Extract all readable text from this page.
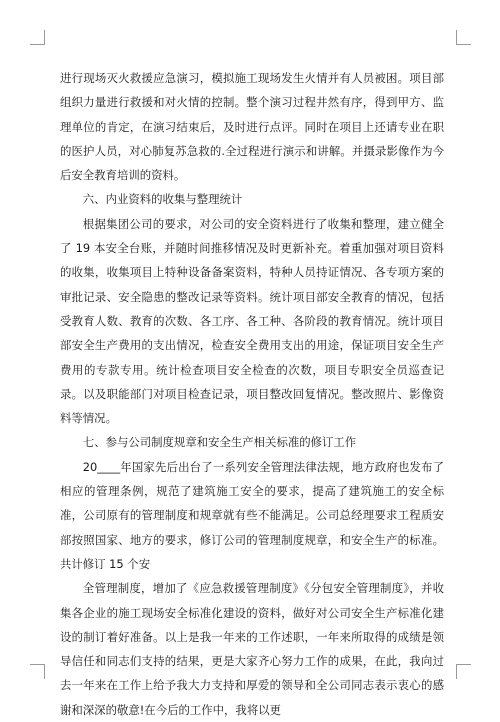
进行现场灭火救援应急演习，模拟施工现场发生火情并有人员被困。项目部组织力量进行救援和对火情的控制。整个演习过程井然有序，得到甲方、监理单位的肯定，在演习结束后，及时进行点评。同时在项目上还请专业在职的医护人员，对心肺复苏急救的.全过程进行演示和讲解。并摄录影像作为今后安全教育培训的资料。

六、内业资料的收集与整理统计

根据集团公司的要求，对公司的安全资料进行了收集和整理，建立健全了 19 本安全台账，并随时间推移情况及时更新补充。着重加强对项目资料的收集，收集项目上特种设备备案资料，特种人员持证情况、各专项方案的审批记录、安全隐患的整改记录等资料。统计项目部安全教育的情况，包括受教育人数、教育的次数、各工序、各工种、各阶段的教育情况。统计项目部安全生产费用的支出情况，检查安全费用支出的用途，保证项目安全生产费用的专款专用。统计检查项目安全检查的次数，项目专职安全员巡查记录。以及职能部门对项目检查记录，项目整改回复情况。整改照片、影像资料等情况。

七、参与公司制度规章和安全生产相关标准的修订工作

20____年国家先后出台了一系列安全管理法律法规，地方政府也发布了相应的管理条例，规范了建筑施工安全的要求，提高了建筑施工的安全标准，公司原有的管理制度和规章就有些不能满足。公司总经理要求工程质安部按照国家、地方的要求，修订公司的管理制度规章，和安全生产的标准。共计修订 15 个安

全管理制度，增加了《应急救援管理制度》《分包安全管理制度》，并收集各企业的施工现场安全标准化建设的资料，做好对公司安全生产标准化建设的制订着好准备。以上是我一年来的工作述职，一年来所取得的成绩是领导信任和同志们支持的结果，更是大家齐心努力工作的成果，在此，我向过去一年来在工作上给予我大力支持和厚爱的领导和全公司同志表示衷心的感谢和深深的敬意!在今后的工作中，我将以更
